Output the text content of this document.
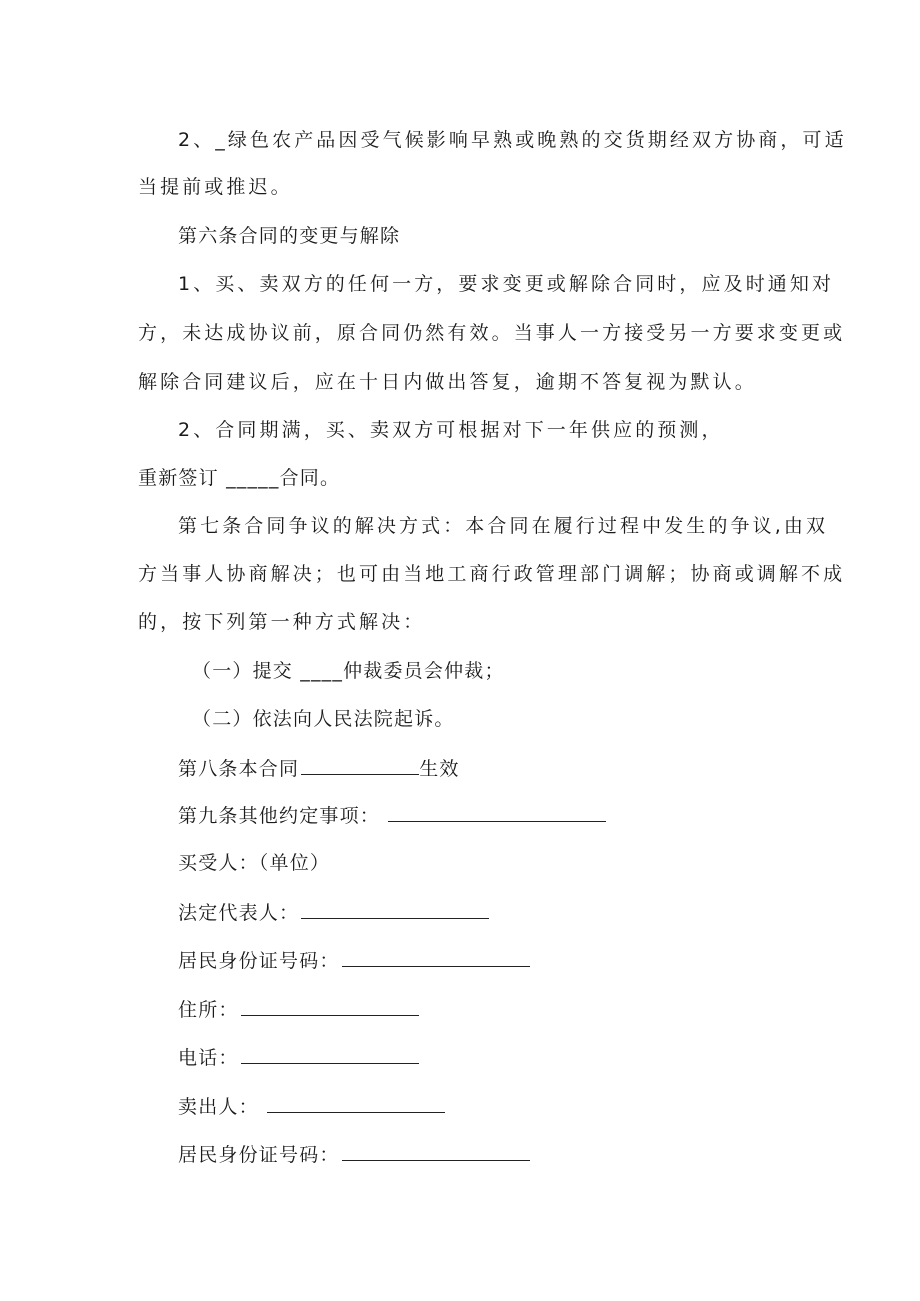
2、_绿色农产品因受气候影响早熟或晚熟的交货期经双方协商，可适
当提前或推迟。
第六条合同的变更与解除
1、买、卖双方的任何一方，要求变更或解除合同时，应及时通知对
方，未达成协议前，原合同仍然有效。当事人一方接受另一方要求变更或
解除合同建议后，应在十日内做出答复，逾期不答复视为默认。
2、合同期满，买、卖双方可根据对下一年供应的预测，
重新签订 _____合同。
第七条合同争议的解决方式：本合同在履行过程中发生的争议,由双
方当事人协商解决；也可由当地工商行政管理部门调解；协商或调解不成
的，按下列第一种方式解决：
（一）提交 ____仲裁委员会仲裁；
（二）依法向人民法院起诉。
第八条本合同	生效
第九条其他约定事项：
买受人：（单位）
法定代表人：
居民身份证号码：
住所：
电话：
卖出人：
居民身份证号码：
